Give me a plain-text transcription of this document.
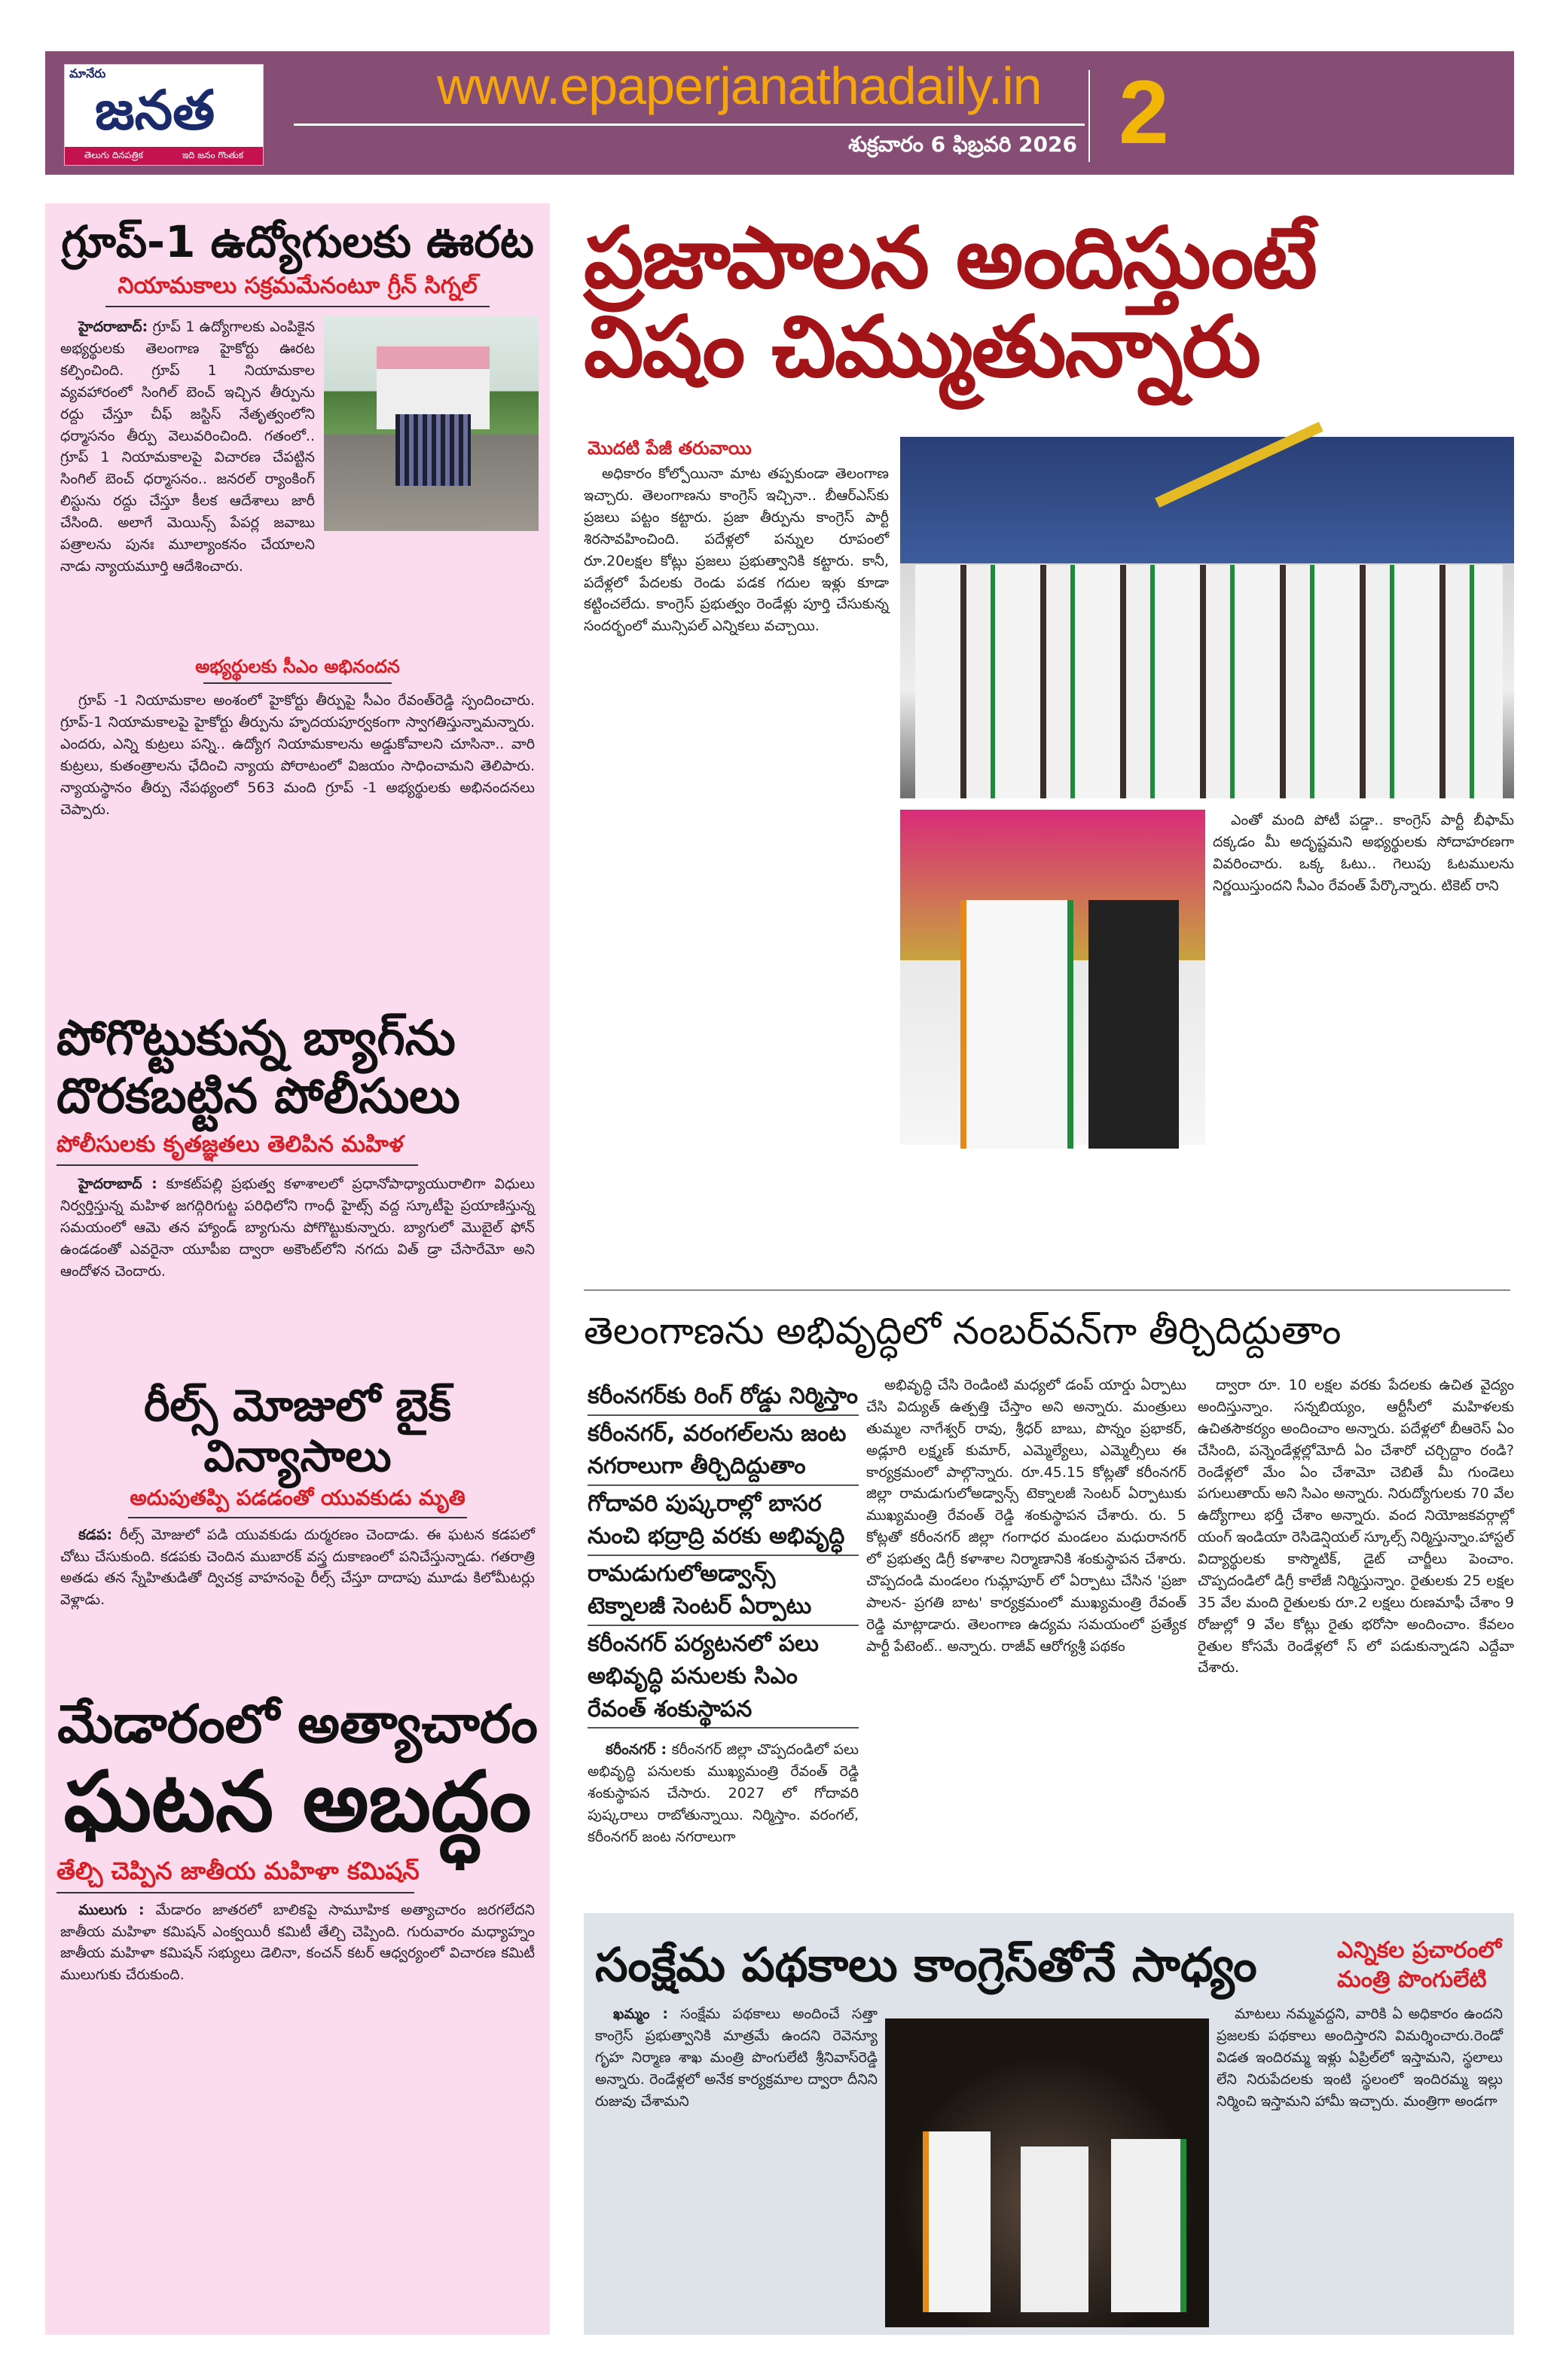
మానేరు
జనత
తెలుగు దినపత్రిక	ఇది జనం గొంతుక
www.epaperjanathadaily.in
శుక్రవారం 6 ఫిబ్రవరి 2026 2
గ్రూప్-1 ఉద్యోగులకు ఊరట
నియామకాలు సక్రమమేనంటూ గ్రీన్ సిగ్నల్

హైదరాబాద్: గ్రూప్ 1 ఉద్యోగాలకు ఎంపికైన అభ్యర్థులకు తెలంగాణ హైకోర్టు ఊరట కల్పించింది. గ్రూప్ 1 నియామకాల వ్యవహారంలో సింగిల్ బెంచ్ ఇచ్చిన తీర్పును రద్దు చేస్తూ చీఫ్ జస్టిస్ నేతృత్వంలోని ధర్మాసనం తీర్పు వెలువరించింది. గతంలో.. గ్రూప్ 1 నియామకాలపై విచారణ చేపట్టిన సింగిల్ బెంచ్ ధర్మాసనం.. జనరల్ ర్యాంకింగ్ లిస్టును రద్దు చేస్తూ కీలక ఆదేశాలు జారీ చేసింది. అలాగే మెయిన్స్ పేపర్ల జవాబు పత్రాలను పునః మూల్యాంకనం చేయాలని నాడు న్యాయమూర్తి ఆదేశించారు.

అభ్యర్థులకు సీఎం అభినందన

గ్రూప్ -1 నియామకాల అంశంలో హైకోర్టు తీర్పుపై సీఎం రేవంత్‌రెడ్డి స్పందించారు. గ్రూప్-1 నియామకాలపై హైకోర్టు తీర్పును హృదయపూర్వకంగా స్వాగతిస్తున్నామన్నారు. ఎందరు, ఎన్ని కుట్రలు పన్ని.. ఉద్యోగ నియామకాలను అడ్డుకోవాలని చూసినా.. వారి కుట్రలు, కుతంత్రాలను ఛేదించి న్యాయ పోరాటంలో విజయం సాధించామని తెలిపారు. న్యాయస్థానం తీర్పు నేపథ్యంలో 563 మంది గ్రూప్ -1 అభ్యర్థులకు అభినందనలు చెప్పారు.

పోగొట్టుకున్న బ్యాగ్‌ను దొరకబట్టిన పోలీసులు
పోలీసులకు కృతజ్ఞతలు తెలిపిన మహిళ

హైదరాబాద్ : కూకట్‌పల్లి ప్రభుత్వ కళాశాలలో ప్రధానోపాధ్యాయురాలిగా విధులు నిర్వర్తిస్తున్న మహిళ జగద్గిరిగుట్ట పరిధిలోని గాంధీ హైట్స్ వద్ద స్కూటీపై ప్రయాణిస్తున్న సమయంలో ఆమె తన హ్యాండ్ బ్యాగును పోగొట్టుకున్నారు. బ్యాగులో మొబైల్ ఫోన్ ఉండడంతో ఎవరైనా యూపీఐ ద్వారా అకౌంట్‌లోని నగదు విత్ డ్రా చేసారేమో అని ఆందోళన చెందారు.

రీల్స్ మోజులో బైక్ విన్యాసాలు
అదుపుతప్పి పడడంతో యువకుడు మృతి

కడప: రీల్స్ మోజులో పడి యువకుడు దుర్మరణం చెందాడు. ఈ ఘటన కడపలో చోటు చేసుకుంది. కడపకు చెందిన ముబారక్ వస్త్ర దుకాణంలో పనిచేస్తున్నాడు. గతరాత్రి అతడు తన స్నేహితుడితో ద్విచక్ర వాహనంపై రీల్స్ చేస్తూ దాదాపు మూడు కిలోమీటర్లు వెళ్లాడు.

మేడారంలో అత్యాచారం
ఘటన అబద్ధం
తేల్చి చెప్పిన జాతీయ మహిళా కమిషన్

ములుగు : మేడారం జాతరలో బాలికపై సామూహిక అత్యాచారం జరగలేదని జాతీయ మహిళా కమిషన్ ఎంక్వయిరీ కమిటీ తేల్చి చెప్పింది. గురువారం మధ్యాహ్నం జాతీయ మహిళా కమిషన్ సభ్యులు డెలినా, కంచన్ కటర్ ఆధ్వర్యంలో విచారణ కమిటీ ములుగుకు చేరుకుంది.

ప్రజాపాలన అందిస్తుంటే
విషం చిమ్ముతున్నారు
మొదటి పేజీ తరువాయి

అధికారం కోల్పోయినా మాట తప్పకుండా తెలంగాణ ఇచ్చారు. తెలంగాణను కాంగ్రెస్ ఇచ్చినా.. బీఆర్ఎస్‌కు ప్రజలు పట్టం కట్టారు. ప్రజా తీర్పును కాంగ్రెస్ పార్టీ శిరసావహించింది. పదేళ్లలో పన్నుల రూపంలో రూ.20లక్షల కోట్లు ప్రజలు ప్రభుత్వానికి కట్టారు. కానీ, పదేళ్లలో పేదలకు రెండు పడక గదుల ఇళ్లు కూడా కట్టించలేదు. కాంగ్రెస్ ప్రభుత్వం రెండేళ్లు పూర్తి చేసుకున్న సందర్భంలో మున్సిపల్ ఎన్నికలు వచ్చాయి.

ఎంతో మంది పోటీ పడ్డా.. కాంగ్రెస్ పార్టీ బీఫామ్ దక్కడం మీ అదృష్టమని అభ్యర్థులకు సోదాహరణగా వివరించారు. ఒక్క ఓటు.. గెలుపు ఓటములను నిర్ణయిస్తుందని సీఎం రేవంత్ పేర్కొన్నారు. టికెట్ రాని

తెలంగాణను అభివృద్ధిలో నంబర్‌వన్‌గా తీర్చిదిద్దుతాం
కరీంనగర్‌కు రింగ్ రోడ్డు నిర్మిస్తాం
కరీంనగర్, వరంగల్‌లను జంట నగరాలుగా తీర్చిదిద్దుతాం
గోదావరి పుష్కరాల్లో బాసర నుంచి భద్రాద్రి వరకు అభివృద్ధి
రామడుగులోఅడ్వాన్స్ టెక్నాలజీ సెంటర్ ఏర్పాటు
కరీంనగర్ పర్యటనలో పలు అభివృద్ధి పనులకు సిఎం రేవంత్ శంకుస్థాపన

కరీంనగర్ : కరీంనగర్ జిల్లా చొప్పదండిలో పలు అభివృద్ధి పనులకు ముఖ్యమంత్రి రేవంత్ రెడ్డి శంకుస్థాపన చేసారు. 2027 లో గోదావరి పుష్కరాలు రాబోతున్నాయి. నిర్మిస్తాం. వరంగల్, కరీంనగర్ జంట నగరాలుగా

అభివృద్ధి చేసి రెండింటి మధ్యలో డంప్ యార్డు ఏర్పాటు చేసి విద్యుత్ ఉత్పత్తి చేస్తాం అని అన్నారు. మంత్రులు తుమ్మల నాగేశ్వర్ రావు, శ్రీధర్ బాబు, పొన్నం ప్రభాకర్, అడ్లూరి లక్ష్మణ్ కుమార్, ఎమ్మెల్యేలు, ఎమ్మెల్సీలు ఈ కార్యక్రమంలో పాల్గొన్నారు. రూ.45.15 కోట్లతో కరీంనగర్ జిల్లా రామడుగులోఅడ్వాన్స్ టెక్నాలజీ సెంటర్ ఏర్పాటుకు ముఖ్యమంత్రి రేవంత్ రెడ్డి శంకుస్థాపన చేశారు. రు. 5 కోట్లతో కరీంనగర్ జిల్లా గంగాధర మండలం మధురానగర్ లో ప్రభుత్వ డిగ్రీ కళాశాల నిర్మాణానికి శంకుస్థాపన చేశారు. చొప్పదండి మండలం గుమ్లాపూర్ లో ఏర్పాటు చేసిన 'ప్రజా పాలన- ప్రగతి బాట' కార్యక్రమంలో ముఖ్యమంత్రి రేవంత్ రెడ్డి మాట్లాడారు. తెలంగాణ ఉద్యమ సమయంలో ప్రత్యేక పార్టీ పేటెంట్.. అన్నారు. రాజీవ్ ఆరోగ్యశ్రీ పథకం

ద్వారా రూ. 10 లక్షల వరకు పేదలకు ఉచిత వైద్యం అందిస్తున్నాం. సన్నబియ్యం, ఆర్టీసీలో మహిళలకు ఉచితసౌకర్యం అందించాం అన్నారు. పదేళ్లలో బీఆరెస్ ఏం చేసింది, పన్నెండేళ్లల్లోమోదీ ఏం చేశారో చర్చిద్దాం రండి? రెండేళ్లలో మేం ఏం చేశామో చెబితే మీ గుండెలు పగులుతాయ్ అని సిఎం అన్నారు. నిరుద్యోగులకు 70 వేల ఉద్యోగాలు భర్తీ చేశాం అన్నారు. వంద నియోజకవర్గాల్లో యంగ్ ఇండియా రెసిడెన్షియల్ స్కూల్స్ నిర్మిస్తున్నాం.హాస్టల్ విద్యార్థులకు కాస్మొటిక్, డైట్ చార్జీలు పెంచాం. చొప్పదండిలో డిగ్రీ కాలేజీ నిర్మిస్తున్నాం. రైతులకు 25 లక్షల 35 వేల మంది రైతులకు రూ.2 లక్షలు రుణమాఫీ చేశాం 9 రోజుల్లో 9 వేల కోట్లు రైతు భరోసా అందించాం. కేవలం రైతుల కోసమే రెండేళ్లలో స్ లో పడుకున్నాడని ఎద్దేవా చేశారు.

సంక్షేమ పథకాలు కాంగ్రెస్‌తోనే సాధ్యం	ఎన్నికల ప్రచారంలో
మంత్రి పొంగులేటి

ఖమ్మం : సంక్షేమ పథకాలు అందించే సత్తా కాంగ్రెస్ ప్రభుత్వానికి మాత్రమే ఉందని రెవెన్యూ గృహ నిర్మాణ శాఖ మంత్రి పొంగులేటి శ్రీనివాస్‌రెడ్డి అన్నారు. రెండేళ్లలో అనేక కార్యక్రమాల ద్వారా దీనిని రుజువు చేశామని

మాటలు నమ్మవద్దని, వారికి ఏ అధికారం ఉందని ప్రజలకు పథకాలు అందిస్తారని విమర్శించారు.రెండో విడత ఇందిరమ్మ ఇళ్లు ఏప్రిల్‌లో ఇస్తామని, స్థలాలు లేని నిరుపేదలకు ఇంటి స్థలంలో ఇందిరమ్మ ఇల్లు నిర్మించి ఇస్తామని హామీ ఇచ్చారు. మంత్రిగా అండగా
